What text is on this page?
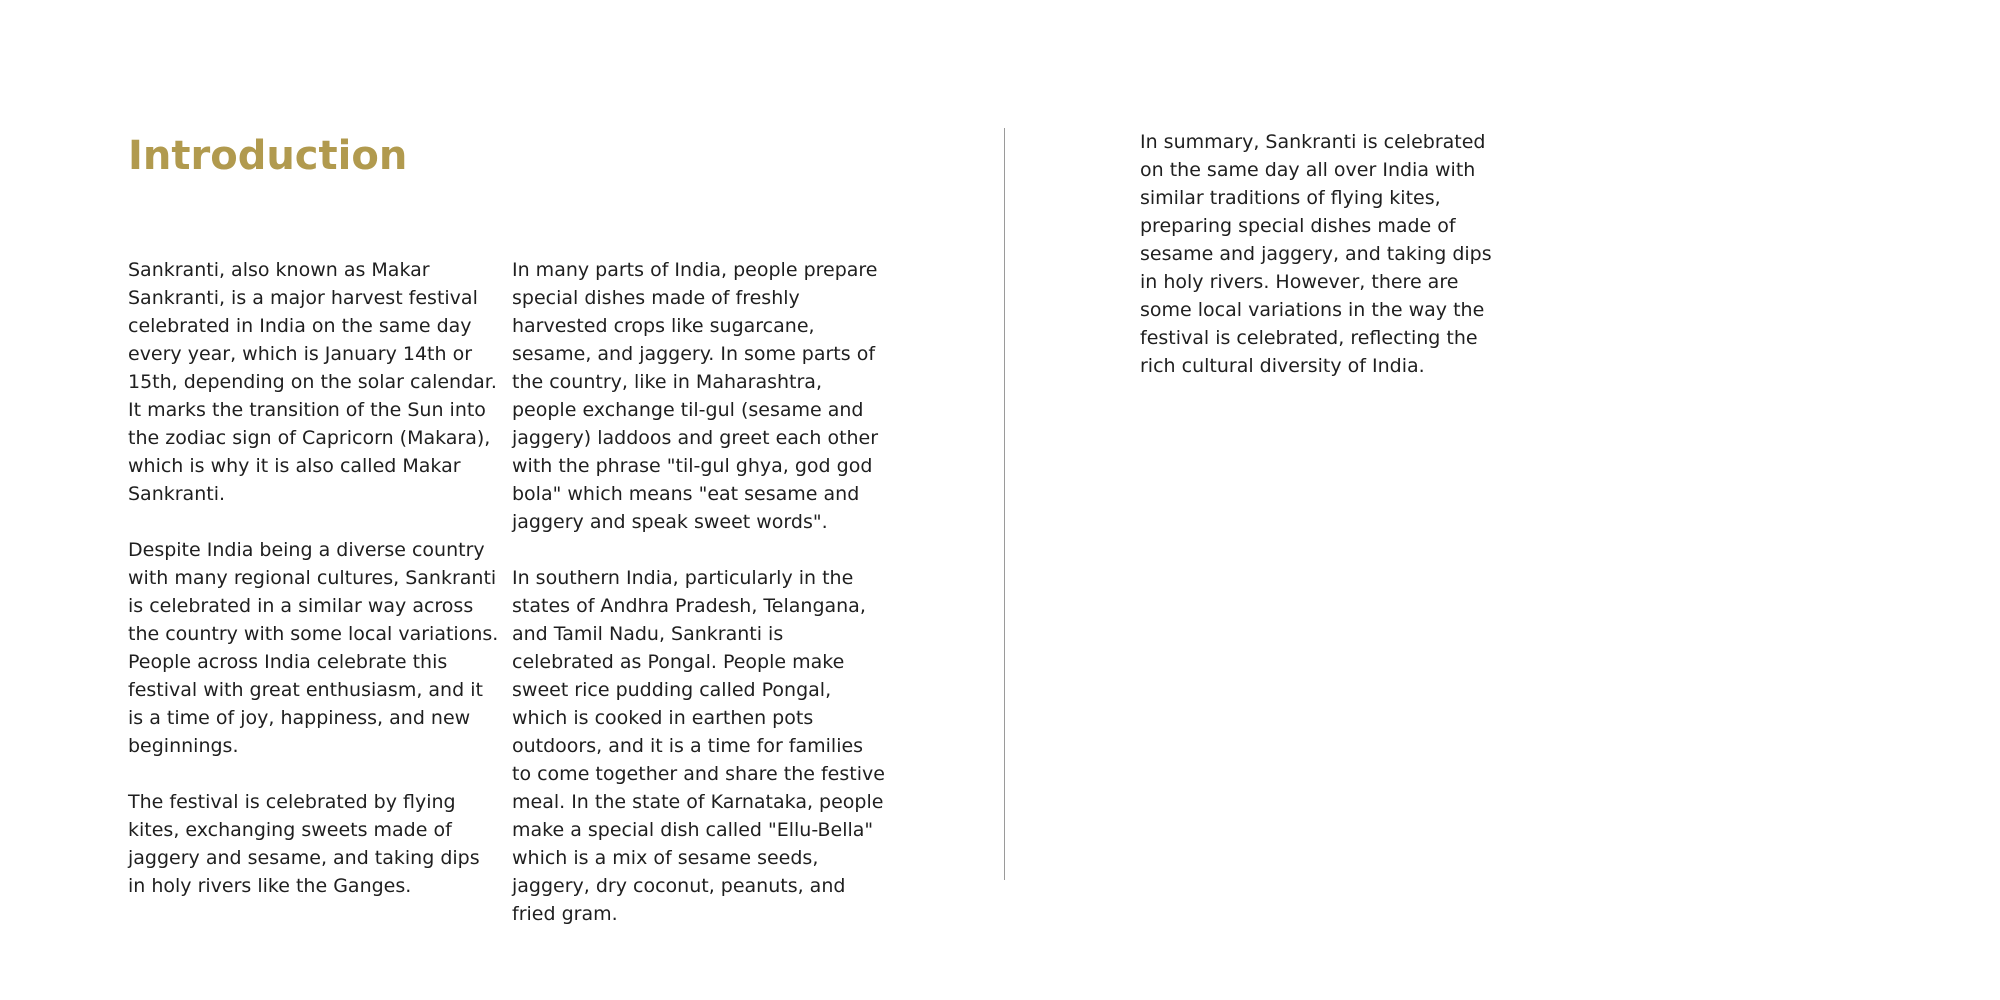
Introduction

Sankranti, also known as Makar Sankranti, is a major harvest festival celebrated in India on the same day every year, which is January 14th or 15th, depending on the solar calendar. It marks the transition of the Sun into the zodiac sign of Capricorn (Makara), which is why it is also called Makar Sankranti.

Despite India being a diverse country with many regional cultures, Sankranti is celebrated in a similar way across the country with some local variations. People across India celebrate this festival with great enthusiasm, and it is a time of joy, happiness, and new beginnings.

The festival is celebrated by flying kites, exchanging sweets made of jaggery and sesame, and taking dips in holy rivers like the Ganges.

In many parts of India, people prepare special dishes made of freshly harvested crops like sugarcane, sesame, and jaggery. In some parts of the country, like in Maharashtra, people exchange til-gul (sesame and jaggery) laddoos and greet each other with the phrase "til-gul ghya, god god bola" which means "eat sesame and jaggery and speak sweet words".

In southern India, particularly in the states of Andhra Pradesh, Telangana, and Tamil Nadu, Sankranti is celebrated as Pongal. People make sweet rice pudding called Pongal, which is cooked in earthen pots outdoors, and it is a time for families to come together and share the festive meal. In the state of Karnataka, people make a special dish called "Ellu-Bella" which is a mix of sesame seeds, jaggery, dry coconut, peanuts, and fried gram.

In summary, Sankranti is celebrated on the same day all over India with similar traditions of flying kites, preparing special dishes made of sesame and jaggery, and taking dips in holy rivers. However, there are some local variations in the way the festival is celebrated, reflecting the rich cultural diversity of India.
